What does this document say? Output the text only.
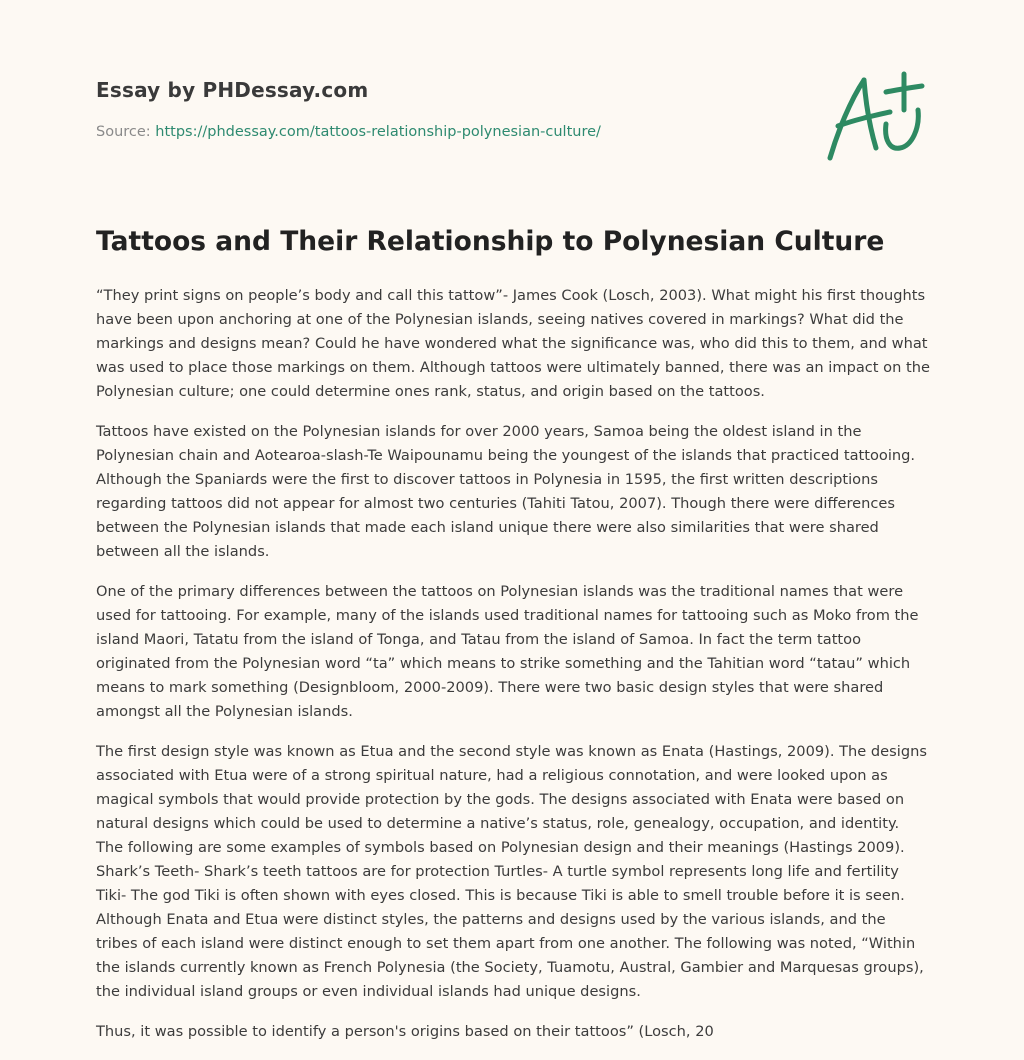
Essay by PHDessay.com
Source: https://phdessay.com/tattoos-relationship-polynesian-culture/
Tattoos and Their Relationship to Polynesian Culture

“They print signs on people’s body and call this tattow”- James Cook (Losch, 2003). What might his first thoughts have been upon anchoring at one of the Polynesian islands, seeing natives covered in markings? What did the markings and designs mean? Could he have wondered what the significance was, who did this to them, and what was used to place those markings on them. Although tattoos were ultimately banned, there was an impact on the Polynesian culture; one could determine ones rank, status, and origin based on the tattoos.

Tattoos have existed on the Polynesian islands for over 2000 years, Samoa being the oldest island in the Polynesian chain and Aotearoa-slash-Te Waipounamu being the youngest of the islands that practiced tattooing. Although the Spaniards were the first to discover tattoos in Polynesia in 1595, the first written descriptions regarding tattoos did not appear for almost two centuries (Tahiti Tatou, 2007). Though there were differences between the Polynesian islands that made each island unique there were also similarities that were shared between all the islands.

One of the primary differences between the tattoos on Polynesian islands was the traditional names that were used for tattooing. For example, many of the islands used traditional names for tattooing such as Moko from the island Maori, Tatatu from the island of Tonga, and Tatau from the island of Samoa. In fact the term tattoo originated from the Polynesian word “ta” which means to strike something and the Tahitian word “tatau” which means to mark something (Designbloom, 2000-2009). There were two basic design styles that were shared amongst all the Polynesian islands.

The first design style was known as Etua and the second style was known as Enata (Hastings, 2009). The designs associated with Etua were of a strong spiritual nature, had a religious connotation, and were looked upon as magical symbols that would provide protection by the gods. The designs associated with Enata were based on natural designs which could be used to determine a native’s status, role, genealogy, occupation, and identity. The following are some examples of symbols based on Polynesian design and their meanings (Hastings 2009). Shark’s Teeth- Shark’s teeth tattoos are for protection Turtles- A turtle symbol represents long life and fertility Tiki- The god Tiki is often shown with eyes closed. This is because Tiki is able to smell trouble before it is seen. Although Enata and Etua were distinct styles, the patterns and designs used by the various islands, and the tribes of each island were distinct enough to set them apart from one another. The following was noted, “Within the islands currently known as French Polynesia (the Society, Tuamotu, Austral, Gambier and Marquesas groups), the individual island groups or even individual islands had unique designs.

Thus, it was possible to identify a person's origins based on their tattoos” (Losch, 20
